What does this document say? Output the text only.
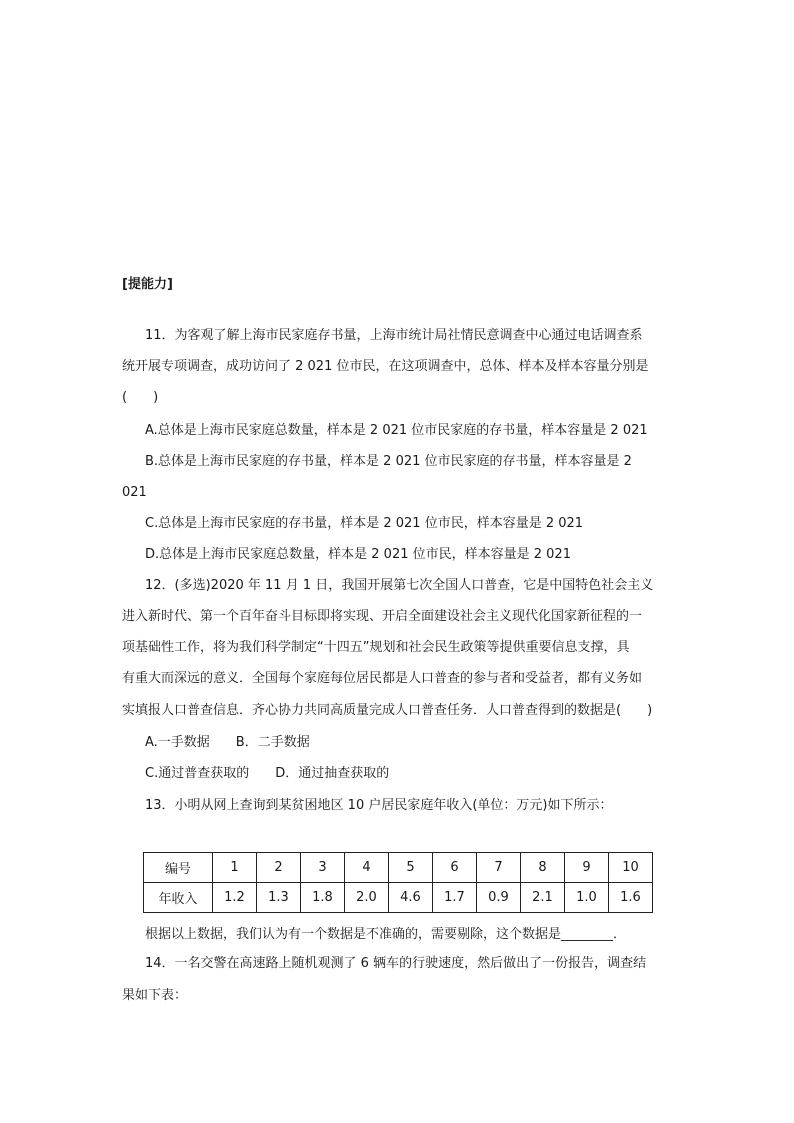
[提能力]
11．为客观了解上海市民家庭存书量，上海市统计局社情民意调查中心通过电话调查系
统开展专项调查，成功访问了 2 021 位市民，在这项调查中，总体、样本及样本容量分别是
(　　)
A.总体是上海市民家庭总数量，样本是 2 021 位市民家庭的存书量，样本容量是 2 021
B.总体是上海市民家庭的存书量，样本是 2 021 位市民家庭的存书量，样本容量是 2
021
C.总体是上海市民家庭的存书量，样本是 2 021 位市民，样本容量是 2 021
D.总体是上海市民家庭总数量，样本是 2 021 位市民，样本容量是 2 021
12．(多选)2020 年 11 月 1 日，我国开展第七次全国人口普查，它是中国特色社会主义
进入新时代、第一个百年奋斗目标即将实现、开启全面建设社会主义现代化国家新征程的一
项基础性工作，将为我们科学制定“十四五”规划和社会民生政策等提供重要信息支撑，具
有重大而深远的意义．全国每个家庭每位居民都是人口普查的参与者和受益者，都有义务如
实填报人口普查信息．齐心协力共同高质量完成人口普查任务．人口普查得到的数据是(　　)
A.一手数据　　B．二手数据
C.通过普查获取的　　D．通过抽查获取的
13．小明从网上查询到某贫困地区 10 户居民家庭年收入(单位：万元)如下所示：
编号	1	2	3	4	5	6	7	8	9	10
年收入	1.2	1.3	1.8	2.0	4.6	1.7	0.9	2.1	1.0	1.6
根据以上数据，我们认为有一个数据是不准确的，需要剔除，这个数据是________．
14．一名交警在高速路上随机观测了 6 辆车的行驶速度，然后做出了一份报告，调查结
果如下表：
